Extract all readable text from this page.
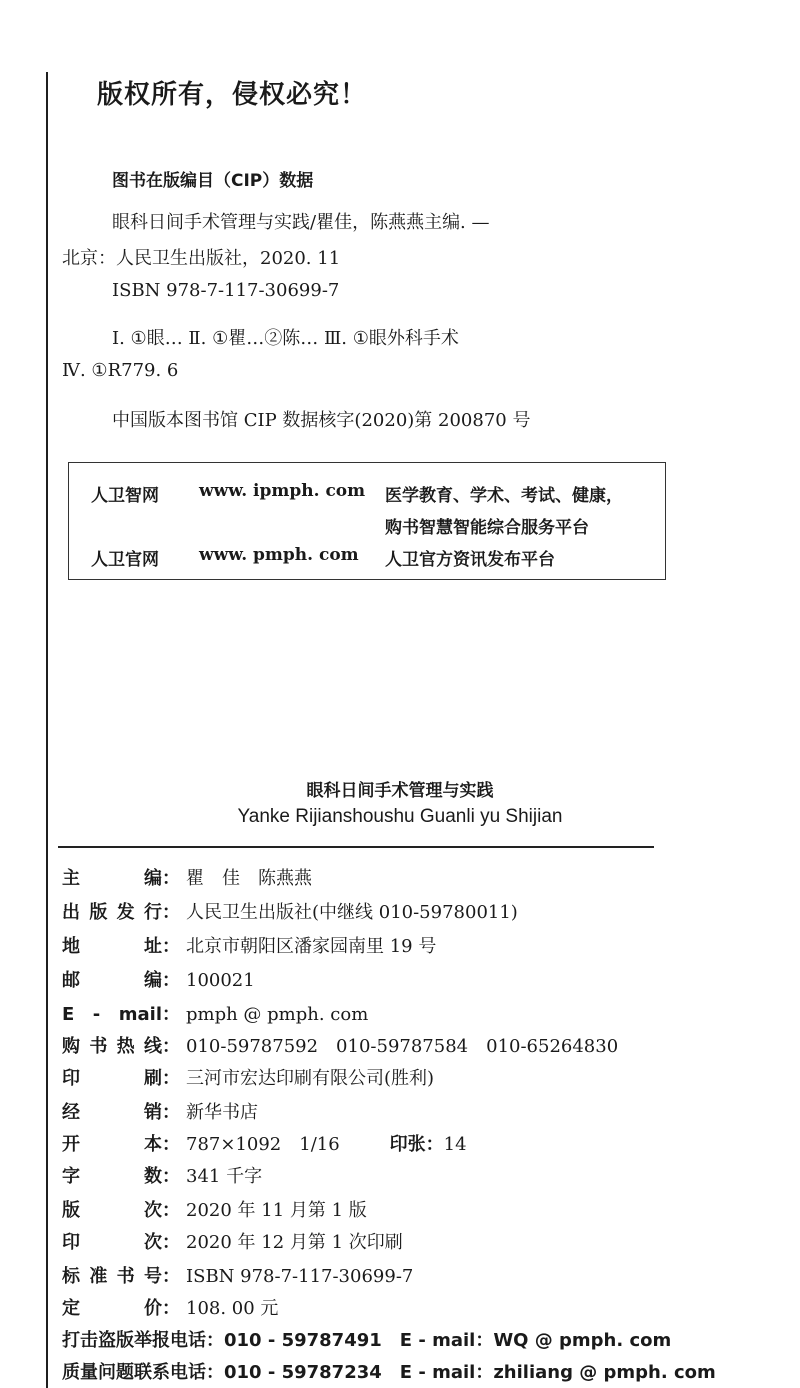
版权所有，侵权必究！
图书在版编目（CIP）数据
眼科日间手术管理与实践/瞿佳，陈燕燕主编. —
北京：人民卫生出版社，2020. 11
ISBN 978-7-117-30699-7
Ⅰ. ①眼… Ⅱ. ①瞿…②陈… Ⅲ. ①眼外科手术
Ⅳ. ①R779. 6
中国版本图书馆 CIP 数据核字(2020)第 200870 号
人卫智网 www. ipmph. com 医学教育、学术、考试、健康，
购书智慧智能综合服务平台
人卫官网 www. pmph. com 人卫官方资讯发布平台
眼科日间手术管理与实践
Yanke Rijianshoushu Guanli yu Shijian
主编 ： 瞿　佳　陈燕燕
出版发行 ： 人民卫生出版社(中继线 010-59780011)
地址 ： 北京市朝阳区潘家园南里 19 号
邮编 ： 100021
E - mail ： pmph @ pmph. com
购书热线 ： 010-59787592　010-59787584　010-65264830
印刷 ： 三河市宏达印刷有限公司(胜利)
经销 ： 新华书店
开本 ： 787×1092　1/16	印张： 14
字数 ： 341 千字
版次 ： 2020 年 11 月第 1 版
印次 ： 2020 年 12 月第 1 次印刷
标准书号 ： ISBN 978-7-117-30699-7
定价 ： 108. 00 元
打击盗版举报电话：010 - 59787491 E - mail：WQ @ pmph. com
质量问题联系电话：010 - 59787234 E - mail：zhiliang @ pmph. com
